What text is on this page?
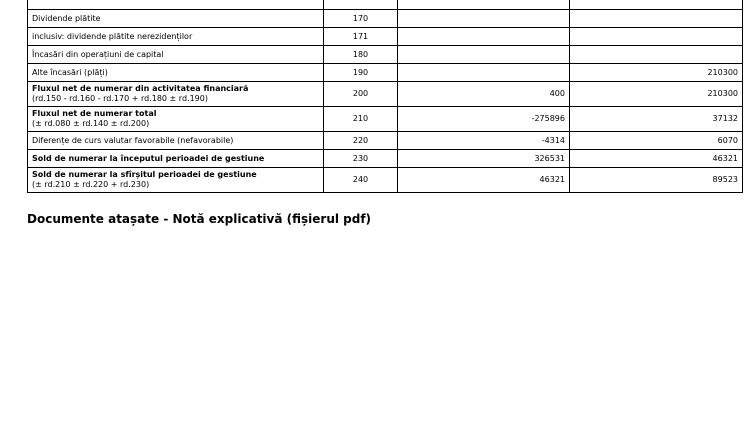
Dividende plătite	170		

inclusiv: dividende plătite nerezidenților	171		

Încasări din operațiuni de capital	180		

Alte încasări (plăți)	190		210300

Fluxul net de numerar din activitatea financiară
(rd.150 - rd.160 - rd.170 + rd.180 ± rd.190)	200	400	210300

Fluxul net de numerar total
(± rd.080 ± rd.140 ± rd.200)	210	-275896	37132

Diferențe de curs valutar favorabile (nefavorabile)	220	-4314	6070

Sold de numerar la începutul perioadei de gestiune	230	326531	46321

Sold de numerar la sfîrșitul perioadei de gestiune
(± rd.210 ± rd.220 + rd.230)	240	46321	89523
Documente atașate - Notă explicativă (fișierul pdf)
